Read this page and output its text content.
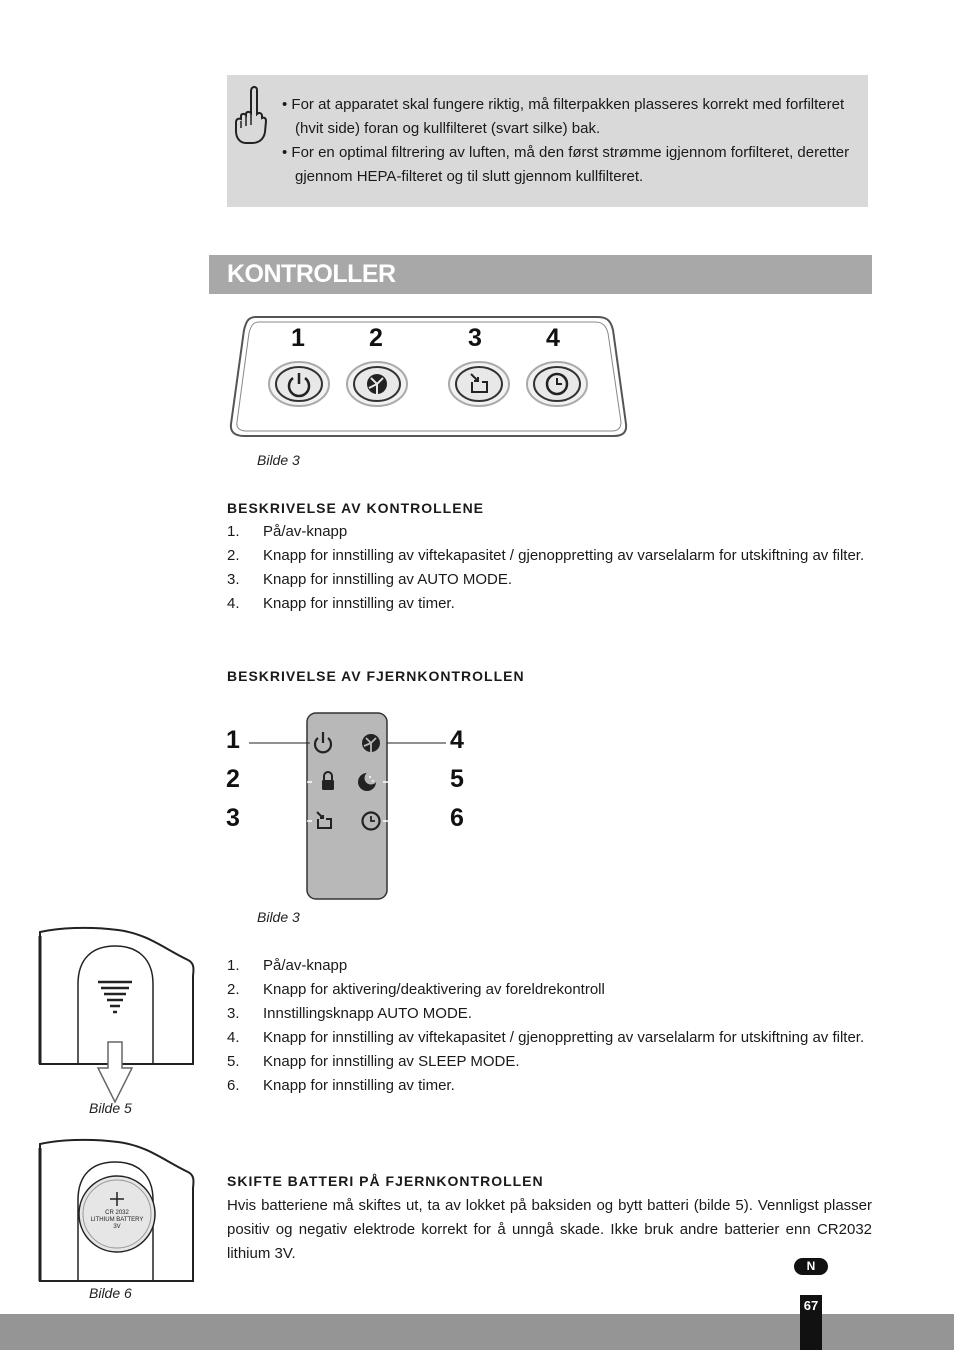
• For at apparatet skal fungere riktig, må filterpakken plasseres korrekt med forfilteret (hvit side) foran og kullfilteret (svart silke) bak.
• For en optimal filtrering av luften, må den først strømme igjennom forfilteret, deretter gjennom HEPA-filteret og til slutt gjennom kullfilteret.
KONTROLLER
1	2	3	4
Bilde 3
BESKRIVELSE AV KONTROLLENE
1. På/av-knapp
2. Knapp for innstilling av viftekapasitet / gjenoppretting av varselalarm for utskiftning av filter.
3. Knapp for innstilling av AUTO MODE.
4. Knapp for innstilling av timer.
BESKRIVELSE AV FJERNKONTROLLEN
1
2
3
4
5
6
Bilde 3
1. På/av-knapp
2. Knapp for aktivering/deaktivering av foreldrekontroll
3. Innstillingsknapp AUTO MODE.
4. Knapp for innstilling av viftekapasitet / gjenoppretting av varselalarm for utskiftning av filter.
5. Knapp for innstilling av SLEEP MODE.
6. Knapp for innstilling av timer.
Bilde 5
CR 2032
LITHIUM BATTERY
3V
Bilde 6
SKIFTE BATTERI PÅ FJERNKONTROLLEN
Hvis batteriene må skiftes ut, ta av lokket på baksiden og bytt batteri (bilde 5). Vennligst plasser positiv og negativ elektrode korrekt for å unngå skade. Ikke bruk andre batterier enn CR2032 lithium 3V.
N
67
